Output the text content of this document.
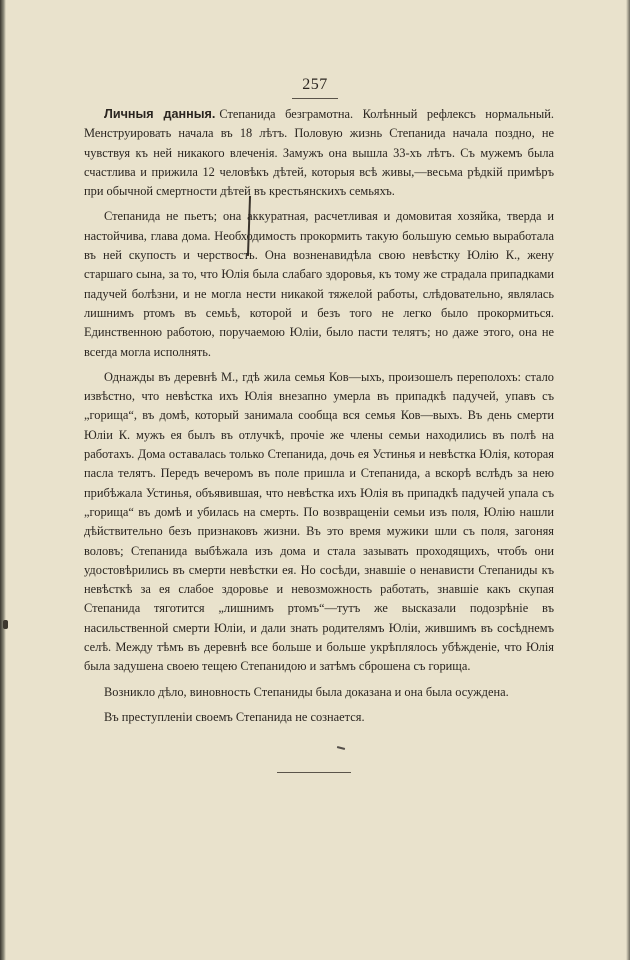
257

Личныя данныя. Степанида безграмотна. Колѣнный рефлексъ нормальный. Менструировать начала въ 18 лѣтъ. Половую жизнь Степанида начала поздно, не чувствуя къ ней никакого влеченія. Замужъ она вышла 33-хъ лѣтъ. Съ мужемъ была счастлива и прижила 12 человѣкъ дѣтей, которыя всѣ живы,—весьма рѣдкій примѣръ при обычной смертности дѣтей въ крестьянскихъ семьяхъ.

Степанида не пьетъ; она аккуратная, расчетливая и домовитая хозяйка, тверда и настойчива, глава дома. Необходимость прокормить такую большую семью выработала въ ней скупость и черствость. Она возненавидѣла свою невѣстку Юлію К., жену старшаго сына, за то, что Юлія была слабаго здоровья, къ тому же страдала припадками падучей болѣзни, и не могла нести никакой тяжелой работы, слѣдовательно, являлась лишнимъ ртомъ въ семьѣ, которой и безъ того не легко было прокормиться. Единственною работою, поручаемою Юліи, было пасти телятъ; но даже этого, она не всегда могла исполнять.

Однажды въ деревнѣ М., гдѣ жила семья Ков—ыхъ, произошелъ переполохъ: стало извѣстно, что невѣстка ихъ Юлія внезапно умерла въ припадкѣ падучей, упавъ съ „горища“, въ домѣ, который занимала сообща вся семья Ков—выхъ. Въ день смерти Юліи К. мужъ ея былъ въ отлучкѣ, прочіе же члены семьи находились въ полѣ на работахъ. Дома оставалась только Степанида, дочь ея Устинья и невѣстка Юлія, которая пасла телятъ. Передъ вечеромъ въ поле пришла и Степанида, а вскорѣ вслѣдъ за нею прибѣжала Устинья, объявившая, что невѣстка ихъ Юлія въ припадкѣ падучей упала съ „горища“ въ домѣ и убилась на смерть. По возвращеніи семьи изъ поля, Юлію нашли дѣйствительно безъ признаковъ жизни. Въ это время мужики шли съ поля, загоняя воловъ; Степанида выбѣжала изъ дома и стала зазывать проходящихъ, чтобъ они удостовѣрились въ смерти невѣстки ея. Но сосѣди, знавшіе о ненависти Степаниды къ невѣсткѣ за ея слабое здоровье и невозможность работать, знавшіе какъ скупая Степанида тяготится „лишнимъ ртомъ“—тутъ же высказали подозрѣніе въ насильственной смерти Юліи, и дали знать родителямъ Юліи, жившимъ въ сосѣднемъ селѣ. Между тѣмъ въ деревнѣ все больше и больше укрѣплялось убѣжденіе, что Юлія была задушена своею тещею Степанидою и затѣмъ сброшена съ горища.

Возникло дѣло, виновность Степаниды была доказана и она была осуждена.

Въ преступленіи своемъ Степанида не сознается.
